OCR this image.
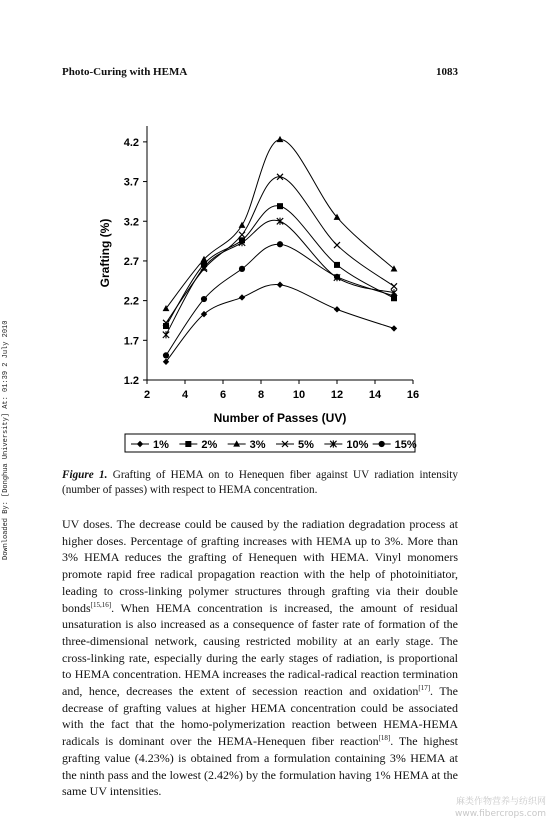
Photo-Curing with HEMA	1083
Downloaded By: [Donghua University] At: 01:39 2 July 2010	1.2
1.7
2.2
2.7
3.2
3.7
4.2
2	4	6	8	10 12 14 16
Number of Passes (UV)
Grafting (%)
1%	2%	3%	5%	10% 15%
Figure 1. Grafting of HEMA on to Henequen fiber against UV radiation intensity (number of passes) with respect to HEMA concentration.

UV doses. The decrease could be caused by the radiation degradation process at higher doses. Percentage of grafting increases with HEMA up to 3%. More than 3% HEMA reduces the grafting of Henequen with HEMA. Vinyl monomers promote rapid free radical propagation reaction with the help of photoinitiator, leading to cross-linking polymer structures through grafting via their double bonds[15,16]. When HEMA concentration is increased, the amount of residual unsaturation is also increased as a consequence of faster rate of formation of the three-dimensional network, causing restricted mobility at an early stage. The cross-linking rate, especially during the early stages of radiation, is proportional to HEMA concentration. HEMA increases the radical-radical reaction termination and, hence, decreases the extent of secession reaction and oxidation[17]. The decrease of grafting values at higher HEMA concentration could be associated with the fact that the homo-polymerization reaction between HEMA-HEMA radicals is dominant over the HEMA-Henequen fiber reaction[18]. The highest grafting value (4.23%) is obtained from a formulation containing 3% HEMA at the ninth pass and the lowest (2.42%) by the formulation having 1% HEMA at the same UV intensities.

麻类作物营养与纺织网
www.fibercrops.com
